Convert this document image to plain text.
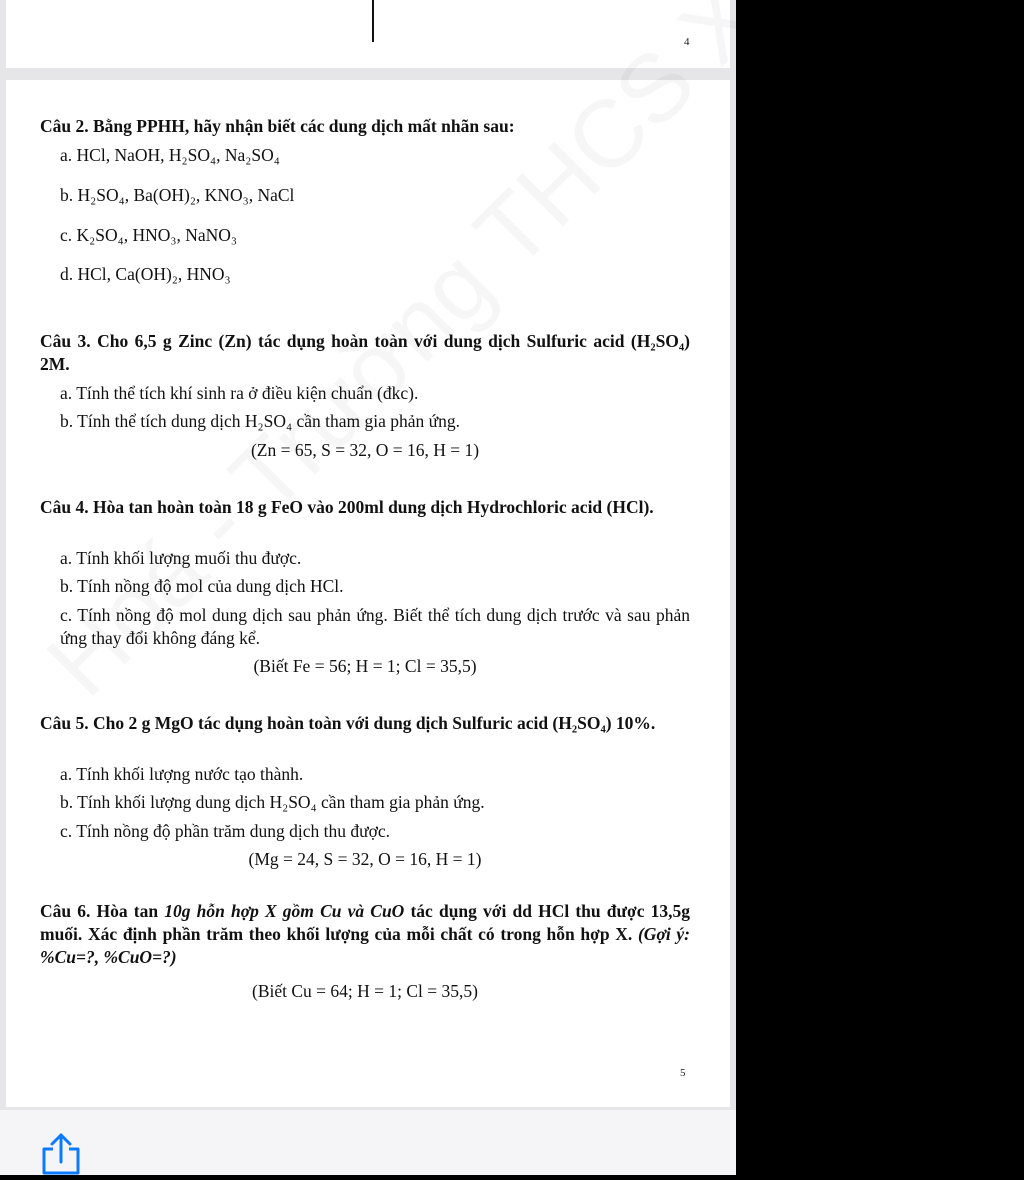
4
Câu 2. Bằng PPHH, hãy nhận biết các dung dịch mất nhãn sau:
a. HCl, NaOH, H₂SO₄, Na₂SO₄
b. H₂SO₄, Ba(OH)₂, KNO₃, NaCl
c. K₂SO₄, HNO₃, NaNO₃
d. HCl, Ca(OH)₂, HNO₃
Câu 3. Cho 6,5 g Zinc (Zn) tác dụng hoàn toàn với dung dịch Sulfuric acid (H₂SO₄) 2M.
a. Tính thể tích khí sinh ra ở điều kiện chuẩn (đkc).
b. Tính thể tích dung dịch H₂SO₄ cần tham gia phản ứng.
(Zn = 65, S = 32, O = 16, H = 1)
Câu 4. Hòa tan hoàn toàn 18 g FeO vào 200ml dung dịch Hydrochloric acid (HCl).
a. Tính khối lượng muối thu được.
b. Tính nồng độ mol của dung dịch HCl.
c. Tính nồng độ mol dung dịch sau phản ứng. Biết thể tích dung dịch trước và sau phản ứng thay đổi không đáng kể.
(Biết Fe = 56; H = 1; Cl = 35,5)
Câu 5. Cho 2 g MgO tác dụng hoàn toàn với dung dịch Sulfuric acid (H₂SO₄) 10%.
a. Tính khối lượng nước tạo thành.
b. Tính khối lượng dung dịch H₂SO₄ cần tham gia phản ứng.
c. Tính nồng độ phần trăm dung dịch thu được.
(Mg = 24, S = 32, O = 16, H = 1)
Câu 6. Hòa tan 10g hỗn hợp X gồm Cu và CuO tác dụng với dd HCl thu được 13,5g muối. Xác định phần trăm theo khối lượng của mỗi chất có trong hỗn hợp X. (Gợi ý: %Cu=?, %CuO=?)
(Biết Cu = 64; H = 1; Cl = 35,5)
5
